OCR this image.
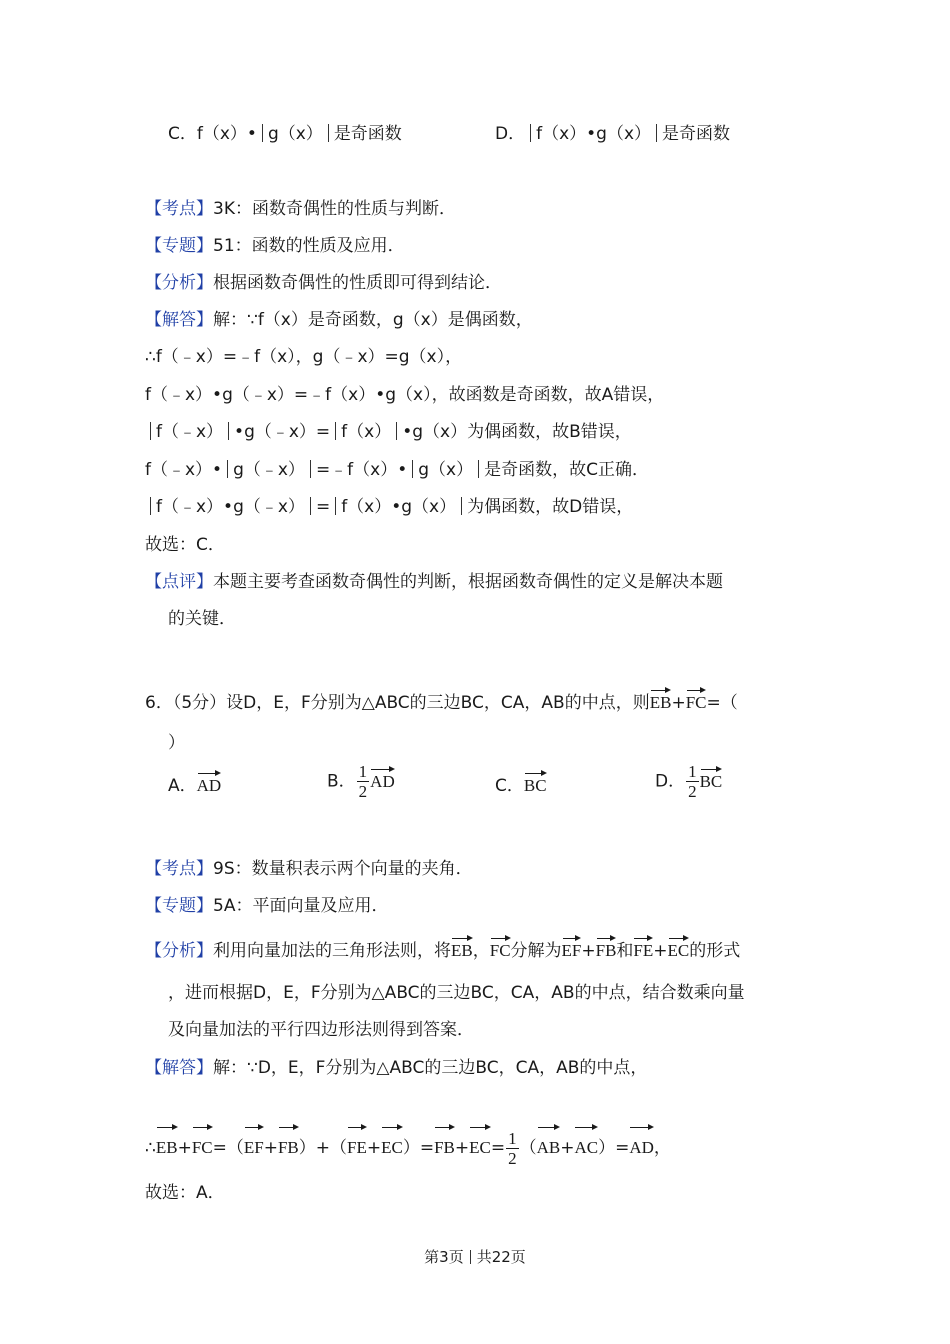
C．f（x）• g（x） 是奇函数	D． f（x）•g（x） 是奇函数
【考点】3K：函数奇偶性的性质与判断．
【专题】51：函数的性质及应用．
【分析】根据函数奇偶性的性质即可得到结论．
【解答】解：∵f（x）是奇函数，g（x）是偶函数，
∴f（﹣x）=﹣f（x），g（﹣x）=g（x），
f（﹣x）•g（﹣x）=﹣f（x）•g（x），故函数是奇函数，故A错误，
f（﹣x） •g（﹣x）= f（x） •g（x）为偶函数，故B错误，
f（﹣x）• g（﹣x） =﹣f（x）• g（x） 是奇函数，故C正确．
f（﹣x）•g（﹣x） = f（x）•g（x） 为偶函数，故D错误，
故选：C．
【点评】本题主要考查函数奇偶性的判断，根据函数奇偶性的定义是解决本题
的关键．
6．（5分）设D，E，F分别为△ABC的三边BC，CA，AB的中点，则EB+FC=（
）
A．AD	B． $\frac{1}{2}$ AD	C．BC	D． $\frac{1}{2}$ BC
【考点】9S：数量积表示两个向量的夹角．
【专题】5A：平面向量及应用．
【分析】利用向量加法的三角形法则，将EB，FC分解为EF+FB和FE+EC的形式
，进而根据D，E，F分别为△ABC的三边BC，CA，AB的中点，结合数乘向量
及向量加法的平行四边形法则得到答案．
【解答】解：∵D，E，F分别为△ABC的三边BC，CA，AB的中点，
∴EB+FC=（EF+FB）+（FE+EC）=FB+EC= $\frac{1}{2} (AB+AC)=AD$，
故选：A．
第3页 共22页
